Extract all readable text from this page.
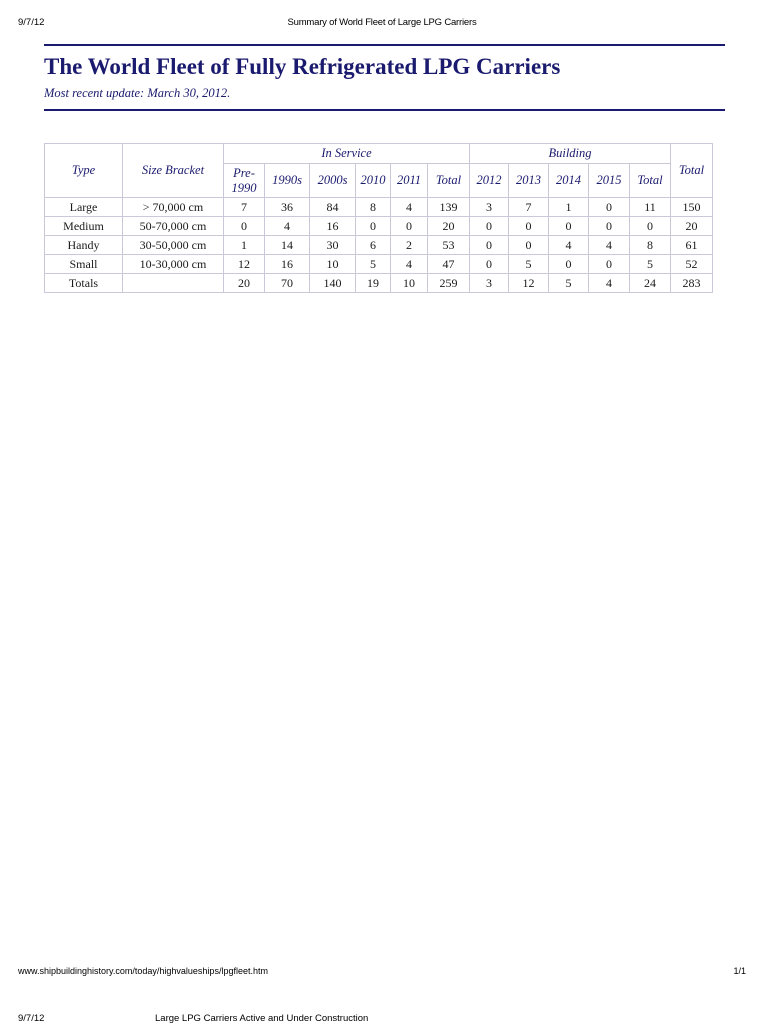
9/7/12	Summary of World Fleet of Large LPG Carriers
The World Fleet of Fully Refrigerated LPG Carriers
Most recent update: March 30, 2012.
Type	Size Bracket	In Service						Building					Total
		Pre-1990	1990s	2000s	2010	2011	Total	2012	2013	2014	2015	Total	
Large	> 70,000 cm	7	36	84	8	4	139	3	7	1	0	11	150
Medium	50-70,000 cm	0	4	16	0	0	20	0	0	0	0	0	20
Handy	30-50,000 cm	1	14	30	6	2	53	0	0	4	4	8	61
Small	10-30,000 cm	12	16	10	5	4	47	0	5	0	0	5	52
Totals		20	70	140	19	10	259	3	12	5	4	24	283
www.shipbuildinghistory.com/today/highvalueships/lpgfleet.htm	1/1
9/7/12	Large LPG Carriers Active and Under Construction
